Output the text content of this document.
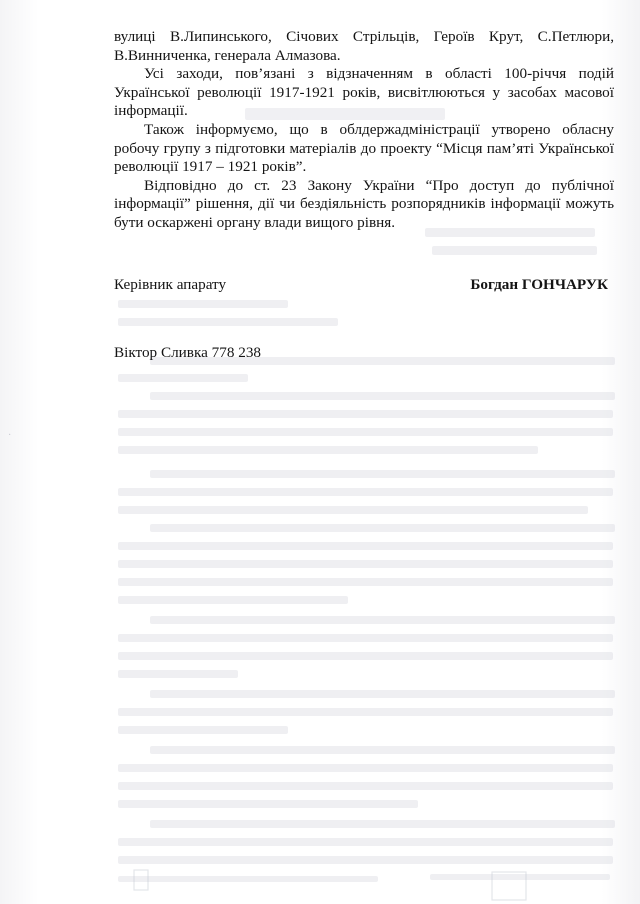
вулиці В.Липинського, Січових Стрільців, Героїв Крут, С.Петлюри, В.Винниченка, генерала Алмазова.

Усі заходи, пов’язані з відзначенням в області 100-річчя подій Української революції 1917-1921 років, висвітлюються у засобах масової інформації.

Також інформуємо, що в облдержадміністрації утворено обласну робочу групу з підготовки матеріалів до проекту “Місця пам’яті Української революції 1917 – 1921 років”.

Відповідно до ст. 23 Закону України “Про доступ до публічної інформації” рішення, дії чи бездіяльність розпорядників інформації можуть бути оскаржені органу влади вищого рівня.

Керівник апарату	Богдан ГОНЧАРУК
Віктор Сливка 778 238
·
